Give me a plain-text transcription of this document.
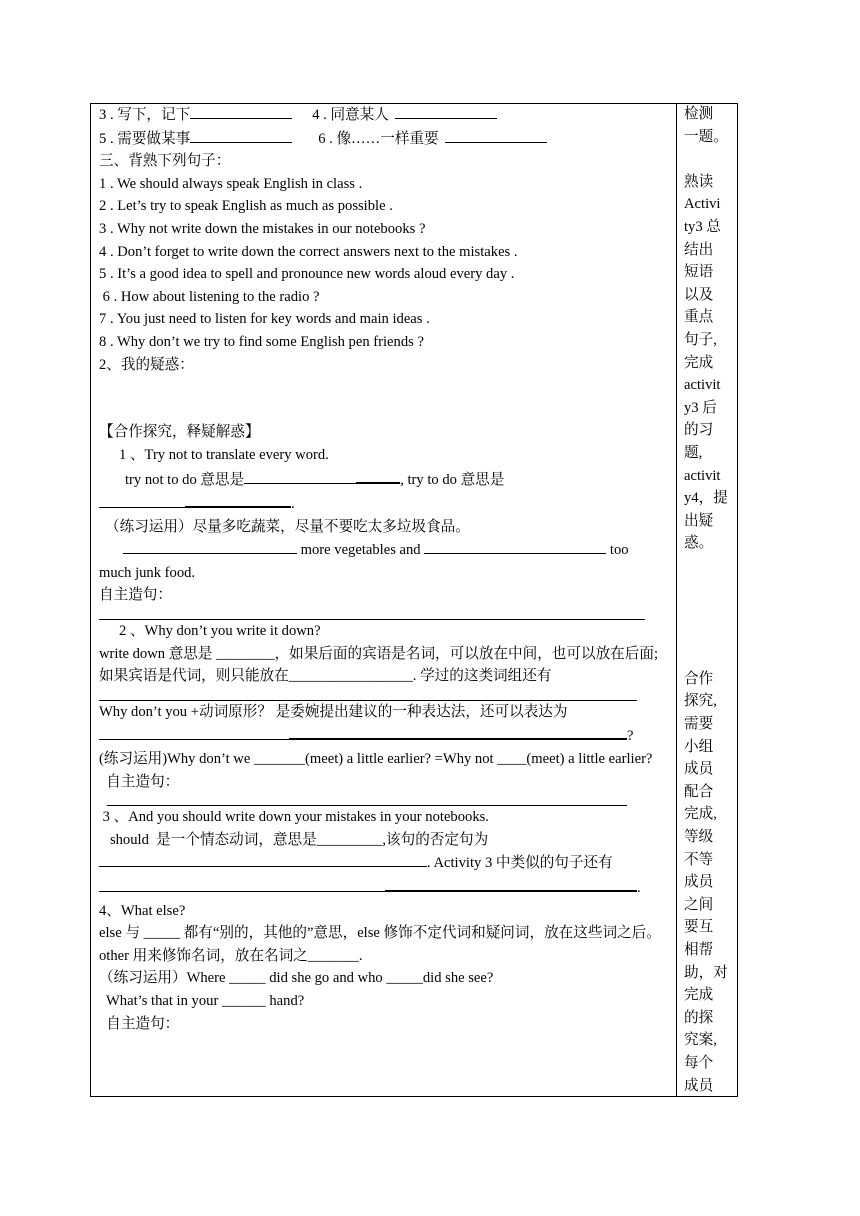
3 . 写下，记下	4 . 同意某人

5 . 需要做某事	6 . 像……一样重要

三、背熟下列句子：

1 . We should always speak English in class .

2 . Let’s try to speak English as much as possible .

3 . Why not write down the mistakes in our notebooks ?

4 . Don’t forget to write down the correct answers next to the mistakes .

5 . It’s a good idea to spell and pronounce new words aloud every day .

6 . How about listening to the radio ?

7 . You just need to listen for key words and main ideas .

8 . Why don’t we try to find some English pen friends ?

2、我的疑惑：

【合作探究，释疑解惑】

1 、Try not to translate every word.

try not to do 意思是	, try to do 意思是

.

（练习运用）尽量多吃蔬菜，尽量不要吃太多垃圾食品。

more vegetables and	too

much junk food.

自主造句：

2 、Why don’t you write it down?

write down 意思是 ________，如果后面的宾语是名词，可以放在中间，也可以放在后面; 如果宾语是代词，则只能放在_________________. 学过的这类词组还有

Why don’t you +动词原形？ 是委婉提出建议的一种表达法，还可以表达为

?

(练习运用)Why don’t we _______(meet) a little earlier? =Why not ____(meet) a little earlier?

自主造句：

3 、And you should write down your mistakes in your notebooks.

should  是一个情态动词，意思是_________,该句的否定句为

. Activity 3 中类似的句子还有

.

4、What else?

else 与 _____ 都有“别的，其他的”意思，else 修饰不定代词和疑问词，放在这些词之后。other 用来修饰名词，放在名词之_______.

（练习运用）Where _____ did she go and who _____did she see?

What’s that in your ______ hand?

自主造句：

检测
一题。
熟读
Activi
ty3 总
结出
短语
以及
重点
句子,
完成
activit
y3 后
的习
题,
activit
y4，提
出疑
惑。
合作
探究,
需要
小组
成员
配合
完成,
等级
不等
成员
之间
要互
相帮
助，对
完成
的探
究案,
每个
成员
